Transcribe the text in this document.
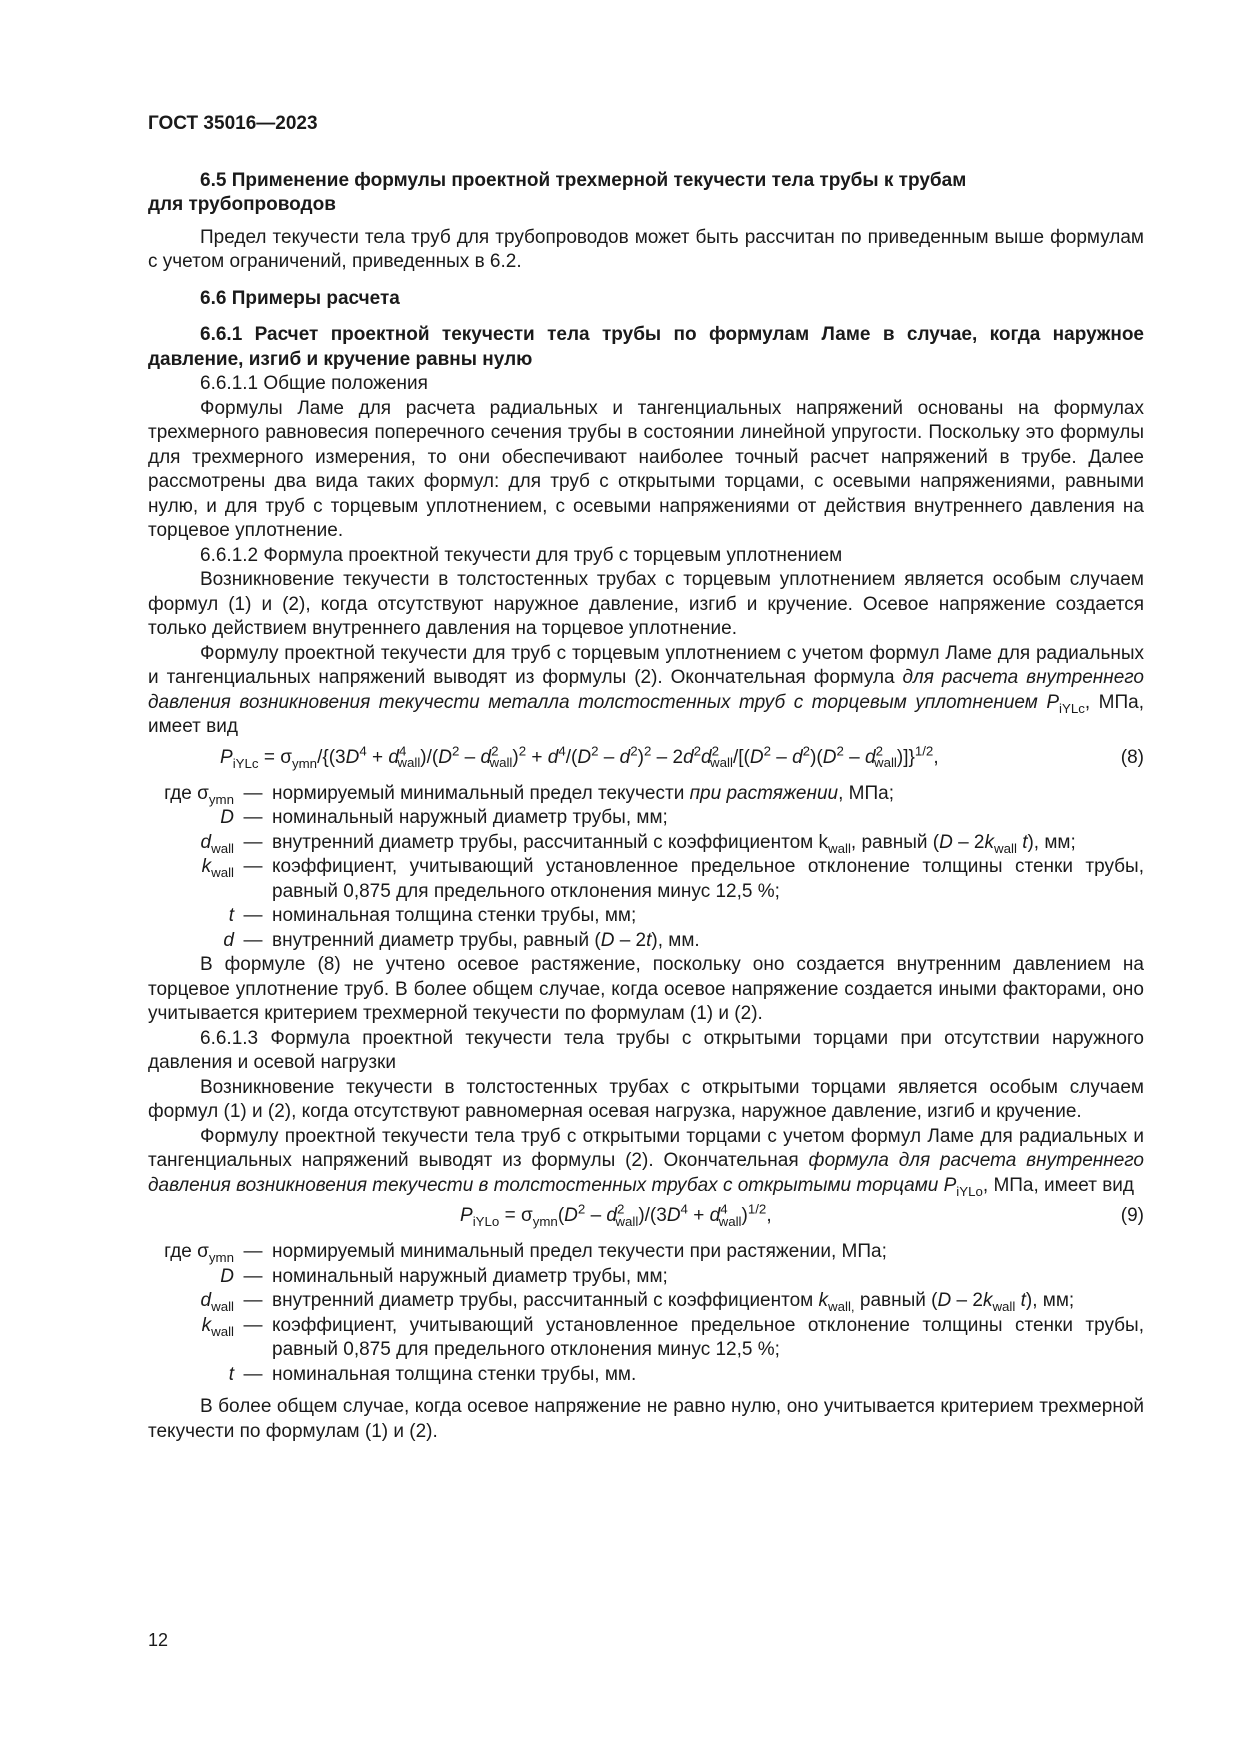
ГОСТ 35016—2023

6.5 Применение формулы проектной трехмерной текучести тела трубы к трубам
для трубопроводов

Предел текучести тела труб для трубопроводов может быть рассчитан по приведенным выше формулам с учетом ограничений, приведенных в 6.2.

6.6 Примеры расчета

6.6.1 Расчет проектной текучести тела трубы по формулам Ламе в случае, когда наружное давление, изгиб и кручение равны нулю

6.6.1.1 Общие положения

Формулы Ламе для расчета радиальных и тангенциальных напряжений основаны на формулах трехмерного равновесия поперечного сечения трубы в состоянии линейной упругости. Поскольку это формулы для трехмерного измерения, то они обеспечивают наиболее точный расчет напряжений в трубе. Далее рассмотрены два вида таких формул: для труб с открытыми торцами, с осевыми напряжениями, равными нулю, и для труб с торцевым уплотнением, с осевыми напряжениями от действия внутреннего давления на торцевое уплотнение.

6.6.1.2 Формула проектной текучести для труб с торцевым уплотнением

Возникновение текучести в толстостенных трубах с торцевым уплотнением является особым случаем формул (1) и (2), когда отсутствуют наружное давление, изгиб и кручение. Осевое напряжение создается только действием внутреннего давления на торцевое уплотнение.

Формулу проектной текучести для труб с торцевым уплотнением с учетом формул Ламе для радиальных и тангенциальных напряжений выводят из формулы (2). Окончательная формула для расчета внутреннего давления возникновения текучести металла толстостенных труб с торцевым уплотнением $P_{iYLc}$, МПа, имеет вид

$P_{iYLc} = \sigma_{ymn}/\{(3D^4 + d^4_{wall})/(D^2 - d^2_{wall})^2 + d^4/(D^2 - d^2)^2 - 2d^2d^2_{wall}/[(D^2 - d^2)(D^2 - d^2_{wall})]\}^{1/2}$,	(8)
где $\sigma_{ymn}$ — нормируемый минимальный предел текучести при растяжении, МПа;
D — номинальный наружный диаметр трубы, мм;
$d_{wall}$ — внутренний диаметр трубы, рассчитанный с коэффициентом $k_{wall}$, равный ($D - 2k_{wall}$ t), мм;
$k_{wall}$ — коэффициент, учитывающий установленное предельное отклонение толщины стенки трубы, равный 0,875 для предельного отклонения минус 12,5 %;
t — номинальная толщина стенки трубы, мм;
d — внутренний диаметр трубы, равный (D – 2t), мм.

В формуле (8) не учтено осевое растяжение, поскольку оно создается внутренним давлением на торцевое уплотнение труб. В более общем случае, когда осевое напряжение создается иными факторами, оно учитывается критерием трехмерной текучести по формулам (1) и (2).

6.6.1.3 Формула проектной текучести тела трубы с открытыми торцами при отсутствии наружного давления и осевой нагрузки

Возникновение текучести в толстостенных трубах с открытыми торцами является особым случаем формул (1) и (2), когда отсутствуют равномерная осевая нагрузка, наружное давление, изгиб и кручение.

Формулу проектной текучести тела труб с открытыми торцами с учетом формул Ламе для радиальных и тангенциальных напряжений выводят из формулы (2). Окончательная формула для расчета внутреннего давления возникновения текучести в толстостенных трубах с открытыми торцами $P_{iYLo}$, МПа, имеет вид

$P_{iYLo} = \sigma_{ymn}(D^2 - d^2_{wall})/(3D^4 + d^4_{wall})^{1/2}$,	(9)
где $\sigma_{ymn}$ — нормируемый минимальный предел текучести при растяжении, МПа;
D — номинальный наружный диаметр трубы, мм;
$d_{wall}$ — внутренний диаметр трубы, рассчитанный с коэффициентом $k_{wall,}$ равный ($D - 2k_{wall}$ t), мм;
$k_{wall}$ — коэффициент, учитывающий установленное предельное отклонение толщины стенки трубы, равный 0,875 для предельного отклонения минус 12,5 %;
t — номинальная толщина стенки трубы, мм.

В более общем случае, когда осевое напряжение не равно нулю, оно учитывается критерием трехмерной текучести по формулам (1) и (2).

12
